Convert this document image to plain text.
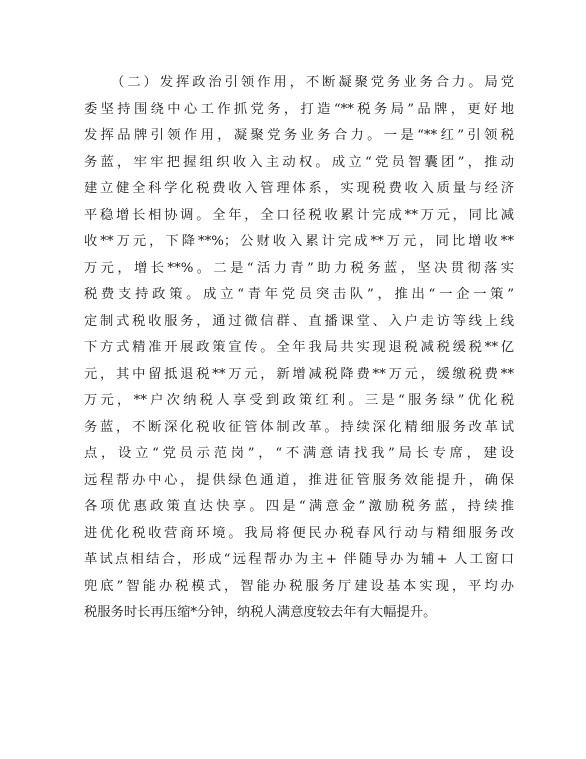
（二）发挥政治引领作用，不断凝聚党务业务合力。局党
委坚持围绕中心工作抓党务，打造“**税务局”品牌，更好地
发挥品牌引领作用，凝聚党务业务合力。一是“**红”引领税
务蓝，牢牢把握组织收入主动权。成立“党员智囊团”，推动
建立健全科学化税费收入管理体系，实现税费收入质量与经济
平稳增长相协调。全年，全口径税收累计完成**万元，同比减
收**万元，下降**%；公财收入累计完成**万元，同比增收**
万元，增长**%。二是“活力青”助力税务蓝，坚决贯彻落实
税费支持政策。成立“青年党员突击队”，推出“一企一策”
定制式税收服务，通过微信群、直播课堂、入户走访等线上线
下方式精准开展政策宣传。全年我局共实现退税减税缓税**亿
元，其中留抵退税**万元，新增减税降费**万元，缓缴税费**
万元，**户次纳税人享受到政策红利。三是“服务绿”优化税
务蓝，不断深化税收征管体制改革。持续深化精细服务改革试
点，设立“党员示范岗”，“不满意请找我”局长专席，建设
远程帮办中心，提供绿色通道，推进征管服务效能提升，确保
各项优惠政策直达快享。四是“满意金”激励税务蓝，持续推
进优化税收营商环境。我局将便民办税春风行动与精细服务改
革试点相结合，形成“远程帮办为主+ 伴随导办为辅+ 人工窗口
兜底”智能办税模式，智能办税服务厅建设基本实现，平均办
税服务时长再压缩*分钟，纳税人满意度较去年有大幅提升。
